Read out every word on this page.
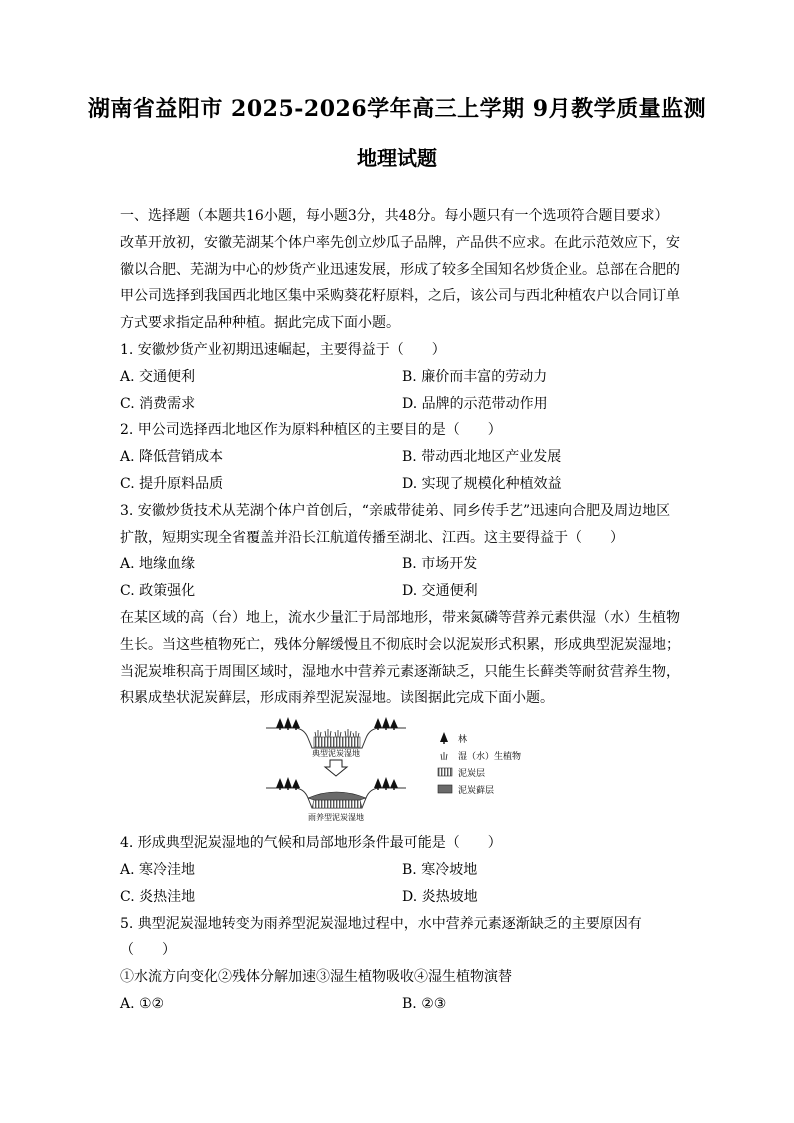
湖南省益阳市 2025-2026学年高三上学期 9月教学质量监测
地理试题
一、选择题（本题共16小题，每小题3分，共48分。每小题只有一个选项符合题目要求）
改革开放初，安徽芜湖某个体户率先创立炒瓜子品牌，产品供不应求。在此示范效应下，安
徽以合肥、芜湖为中心的炒货产业迅速发展，形成了较多全国知名炒货企业。总部在合肥的
甲公司选择到我国西北地区集中采购葵花籽原料，之后，该公司与西北种植农户以合同订单
方式要求指定品种种植。据此完成下面小题。
1. 安徽炒货产业初期迅速崛起，主要得益于（　　）
A. 交通便利	B. 廉价而丰富的劳动力
C. 消费需求	D. 品牌的示范带动作用
2. 甲公司选择西北地区作为原料种植区的主要目的是（　　）
A. 降低营销成本	B. 带动西北地区产业发展
C. 提升原料品质	D. 实现了规模化种植效益
3. 安徽炒货技术从芜湖个体户首创后，“亲戚带徒弟、同乡传手艺”迅速向合肥及周边地区
扩散，短期实现全省覆盖并沿长江航道传播至湖北、江西。这主要得益于（　　）
A. 地缘血缘	B. 市场开发
C. 政策强化	D. 交通便利
在某区域的高（台）地上，流水少量汇于局部地形，带来氮磷等营养元素供湿（水）生植物
生长。当这些植物死亡，残体分解缓慢且不彻底时会以泥炭形式积累，形成典型泥炭湿地；
当泥炭堆积高于周围区域时，湿地水中营养元素逐渐缺乏，只能生长藓类等耐贫营养生物，
积累成垫状泥炭藓层，形成雨养型泥炭湿地。读图据此完成下面小题。
典型泥炭湿地
雨养型泥炭湿地
林
湿（水）生植物
泥炭层
泥炭藓层
4. 形成典型泥炭湿地的气候和局部地形条件最可能是（　　）
A. 寒冷洼地	B. 寒冷坡地
C. 炎热洼地	D. 炎热坡地
5. 典型泥炭湿地转变为雨养型泥炭湿地过程中，水中营养元素逐渐缺乏的主要原因有
（　　）
①水流方向变化②残体分解加速③湿生植物吸收④湿生植物演替
A. ①②	B. ②③
